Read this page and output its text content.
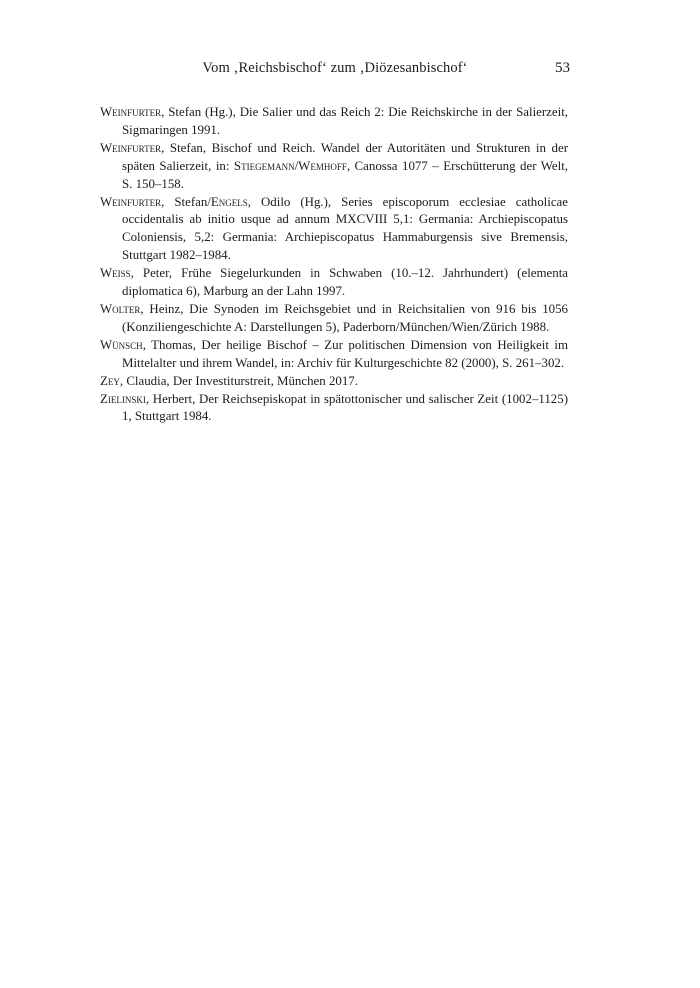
Vom ‚Reichsbischof‘ zum ‚Diözesanbischof‘	53
Weinfurter, Stefan (Hg.), Die Salier und das Reich 2: Die Reichskirche in der Salierzeit, Sigmaringen 1991.
Weinfurter, Stefan, Bischof und Reich. Wandel der Autoritäten und Strukturen in der späten Salierzeit, in: Stiegemann/Wemhoff, Canossa 1077 – Erschütterung der Welt, S. 150–158.
Weinfurter, Stefan/Engels, Odilo (Hg.), Series episcoporum ecclesiae catholicae occidentalis ab initio usque ad annum MXCVIII 5,1: Germania: Archiepiscopatus Coloniensis, 5,2: Germania: Archiepiscopatus Hammaburgensis sive Bremensis, Stuttgart 1982–1984.
Weiss, Peter, Frühe Siegelurkunden in Schwaben (10.–12. Jahrhundert) (elementa diplomatica 6), Marburg an der Lahn 1997.
Wolter, Heinz, Die Synoden im Reichsgebiet und in Reichsitalien von 916 bis 1056 (Konziliengeschichte A: Darstellungen 5), Paderborn/München/Wien/Zürich 1988.
Wünsch, Thomas, Der heilige Bischof – Zur politischen Dimension von Heiligkeit im Mittelalter und ihrem Wandel, in: Archiv für Kulturgeschichte 82 (2000), S. 261–302.
Zey, Claudia, Der Investiturstreit, München 2017.
Zielinski, Herbert, Der Reichsepiskopat in spätottonischer und salischer Zeit (1002–1125) 1, Stuttgart 1984.
